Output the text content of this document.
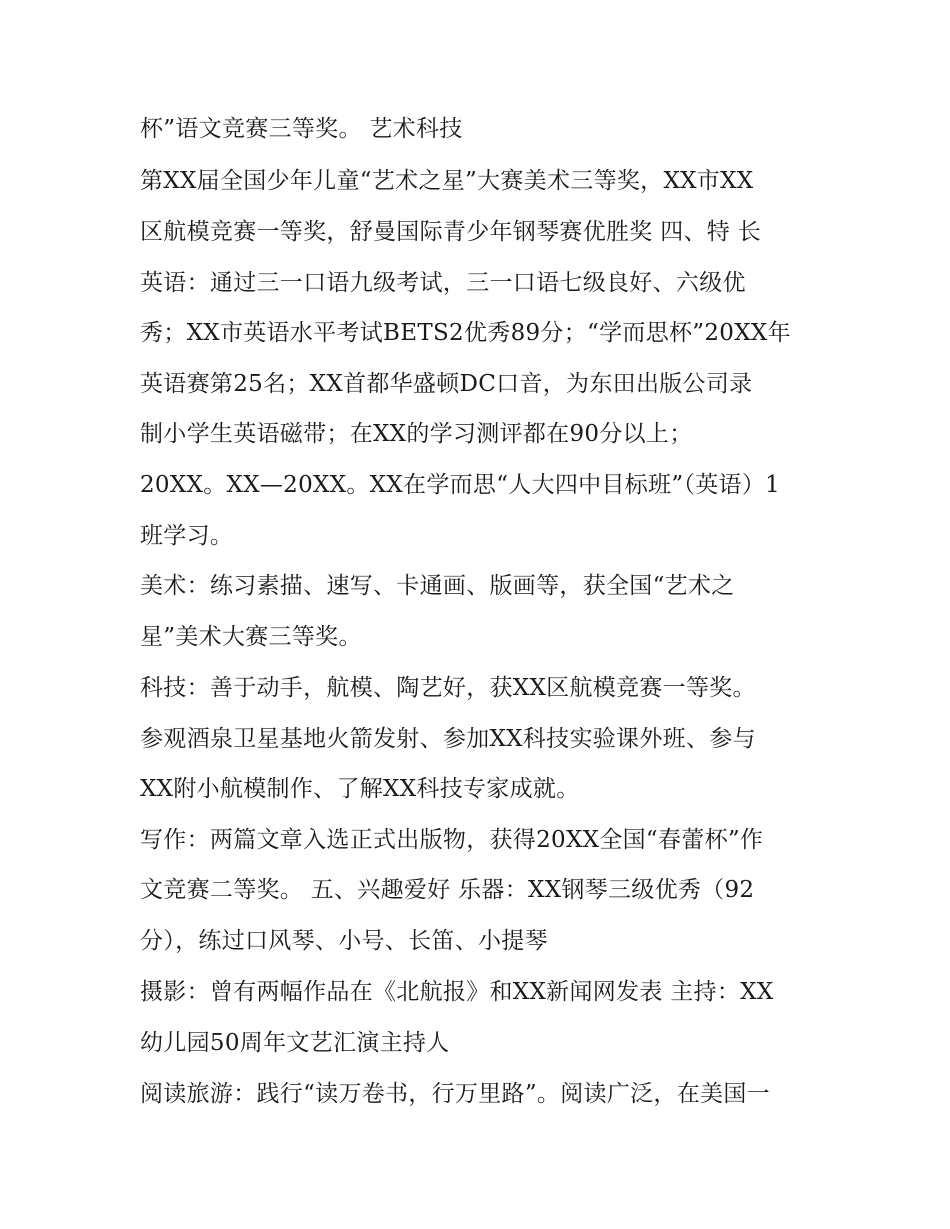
杯”语文竞赛三等奖。 艺术科技
第XX届全国少年儿童“艺术之星”大赛美术三等奖，XX市XX
区航模竞赛一等奖，舒曼国际青少年钢琴赛优胜奖 四、特 长
英语：通过三一口语九级考试，三一口语七级良好、六级优
秀；XX市英语水平考试BETS2优秀89分；“学而思杯”20XX年
英语赛第25名；XX首都华盛顿DC口音，为东田出版公司录
制小学生英语磁带；在XX的学习测评都在90分以上；
20XX。XX—20XX。XX在学而思“人大四中目标班”（英语）1
班学习。
美术：练习素描、速写、卡通画、版画等，获全国“艺术之
星”美术大赛三等奖。
科技：善于动手，航模、陶艺好，获XX区航模竞赛一等奖。
参观酒泉卫星基地火箭发射、参加XX科技实验课外班、参与
XX附小航模制作、了解XX科技专家成就。
写作：两篇文章入选正式出版物，获得20XX全国“春蕾杯”作
文竞赛二等奖。 五、兴趣爱好 乐器：XX钢琴三级优秀（92
分），练过口风琴、小号、长笛、小提琴
摄影：曾有两幅作品在《北航报》和XX新闻网发表 主持：XX
幼儿园50周年文艺汇演主持人
阅读旅游：践行“读万卷书，行万里路”。阅读广泛，在美国一
